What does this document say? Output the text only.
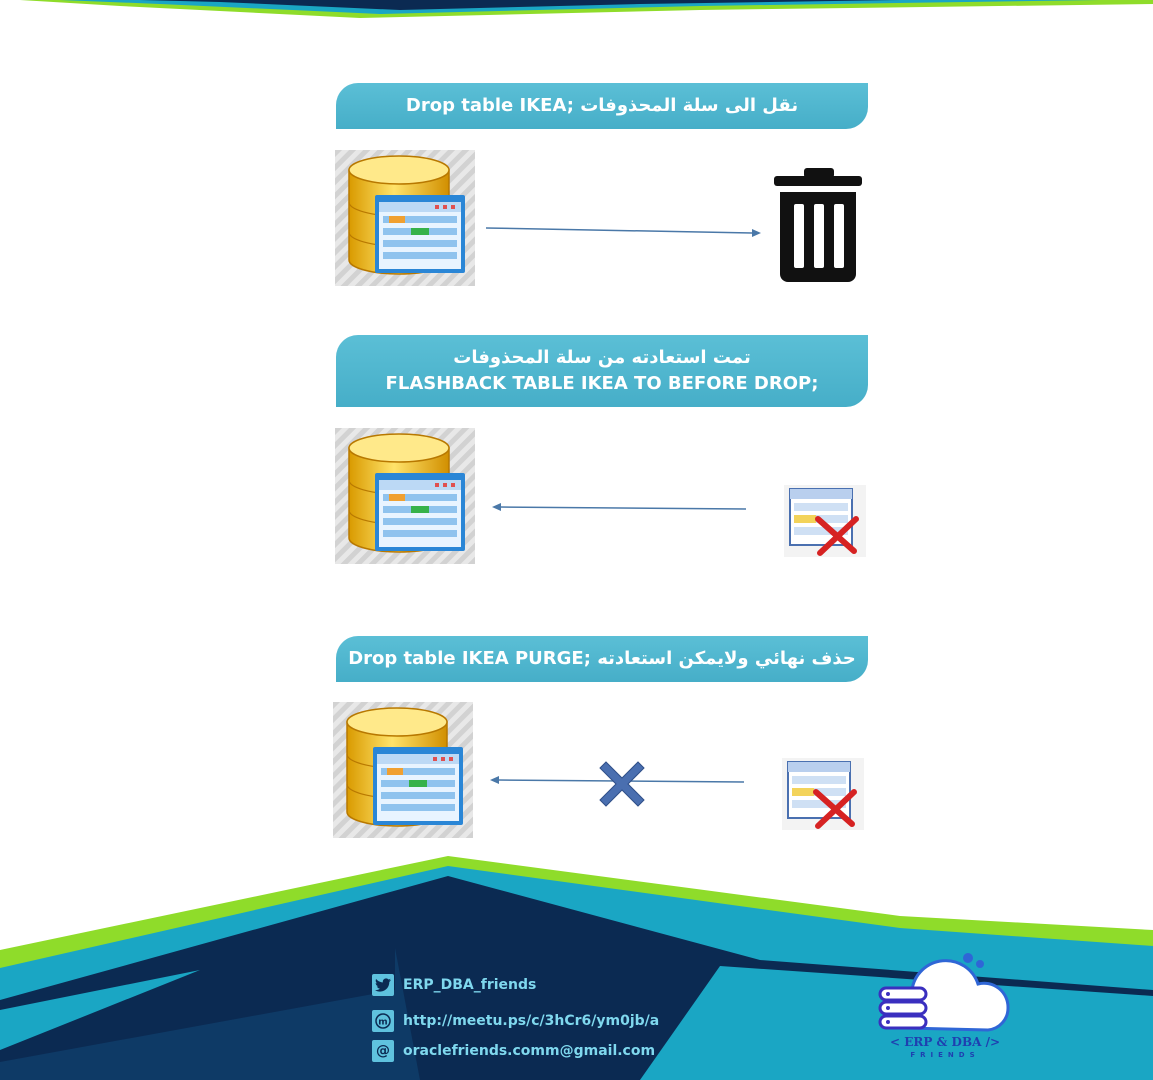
Drop table IKEA; نقل الى سلة المحذوفات
تمت استعادته من سلة المحذوفات
FLASHBACK TABLE IKEA TO BEFORE DROP;
Drop table IKEA PURGE; حذف نهائي ولايمكن استعادته
ERP_DBA_friends
m http://meetu.ps/c/3hCr6/ym0jb/a
@ oraclefriends.comm@gmail.com
< ERP & DBA />
FRIENDS
